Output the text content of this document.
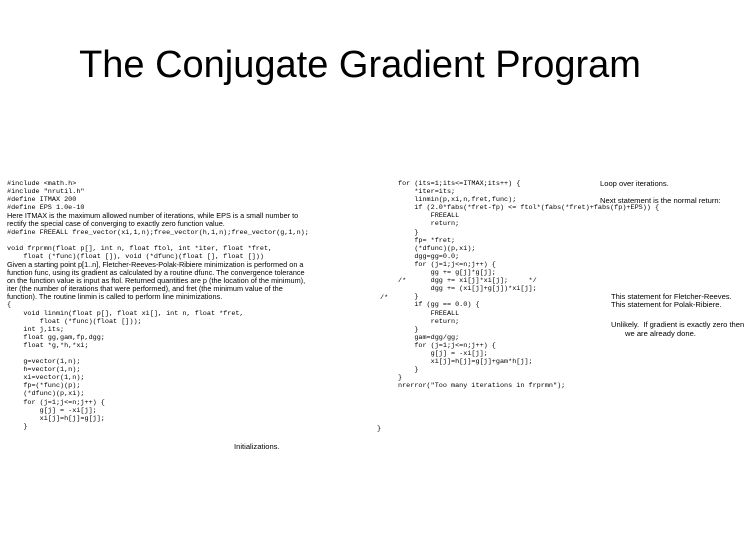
The Conjugate Gradient Program
#include <math.h>
#include "nrutil.h"
#define ITMAX 200
#define EPS 1.0e-10
Here ITMAX is the maximum allowed number of iterations, while EPS is a small number to
rectify the special case of converging to exactly zero function value.
#define FREEALL free_vector(xi,1,n);free_vector(h,1,n);free_vector(g,1,n);
void frprmn(float p[], int n, float ftol, int *iter, float *fret,
float (*func)(float []), void (*dfunc)(float [], float []))
Given a starting point p[1..n], Fletcher-Reeves-Polak-Ribiere minimization is performed on a
function func, using its gradient as calculated by a routine dfunc. The convergence tolerance
on the function value is input as ftol. Returned quantities are p (the location of the minimum),
iter (the number of iterations that were performed), and fret (the minimum value of the
function). The routine linmin is called to perform line minimizations.
{
void linmin(float p[], float xi[], int n, float *fret,
float (*func)(float []));
int j,its;
float gg,gam,fp,dgg;
float *g,*h,*xi;
g=vector(1,n);
h=vector(1,n);
xi=vector(1,n);
fp=(*func)(p);
(*dfunc)(p,xi);
for (j=1;j<=n;j++) {
g[j] = -xi[j];
xi[j]=h[j]=g[j];
}
for (its=1;its<=ITMAX;its++) {
*iter=its;
linmin(p,xi,n,fret,func);
if (2.0*fabs(*fret-fp) <= ftol*(fabs(*fret)+fabs(fp)+EPS)) {
FREEALL
return;
}
fp= *fret;
(*dfunc)(p,xi);
dgg=gg=0.0;
for (j=1;j<=n;j++) {
gg += g[j]*g[j];
/*      dgg += xi[j]*xi[j];     */
dgg += (xi[j]+g[j])*xi[j];
}
if (gg == 0.0) {
FREEALL
return;
}
gam=dgg/gg;
for (j=1;j<=n;j++) {
g[j] = -xi[j];
xi[j]=h[j]=g[j]+gam*h[j];
}
}
nrerror("Too many iterations in frprmn");
Loop over iterations.
Next statement is the normal return:
This statement for Fletcher-Reeves.
This statement for Polak-Ribiere.
Unlikely.  If gradient is exactly zero then
we are already done.
Initializations.
}
/*
